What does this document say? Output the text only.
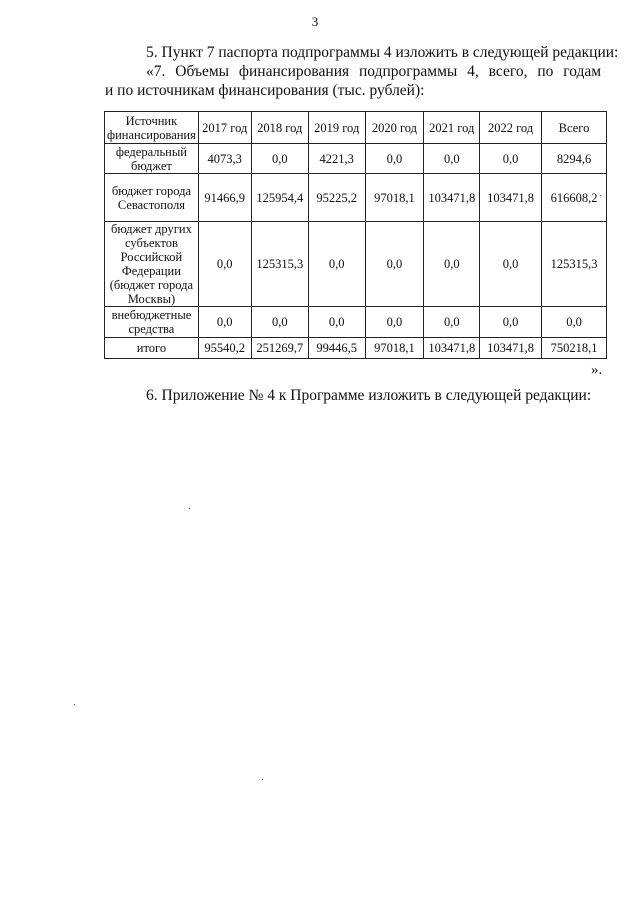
3
5. Пункт 7 паспорта подпрограммы 4 изложить в следующей редакции:
«7. Объемы финансирования подпрограммы 4, всего, по годам
и по источникам финансирования (тыс. рублей):
Источник финансирования	2017 год	2018 год	2019 год	2020 год	2021 год	2022 год	Всего
федеральный бюджет	4073,3	0,0	4221,3	0,0	0,0	0,0	8294,6
бюджет города Севастополя	91466,9	125954,4	95225,2	97018,1	103471,8	103471,8	616608,2
бюджет других субъектов Российской Федерации (бюджет города Москвы)	0,0	125315,3	0,0	0,0	0,0	0,0	125315,3
внебюджетные средства	0,0	0,0	0,0	0,0	0,0	0,0	0,0
итого	95540,2	251269,7	99446,5	97018,1	103471,8	103471,8	750218,1
».
6. Приложение № 4 к Программе изложить в следующей редакции:
